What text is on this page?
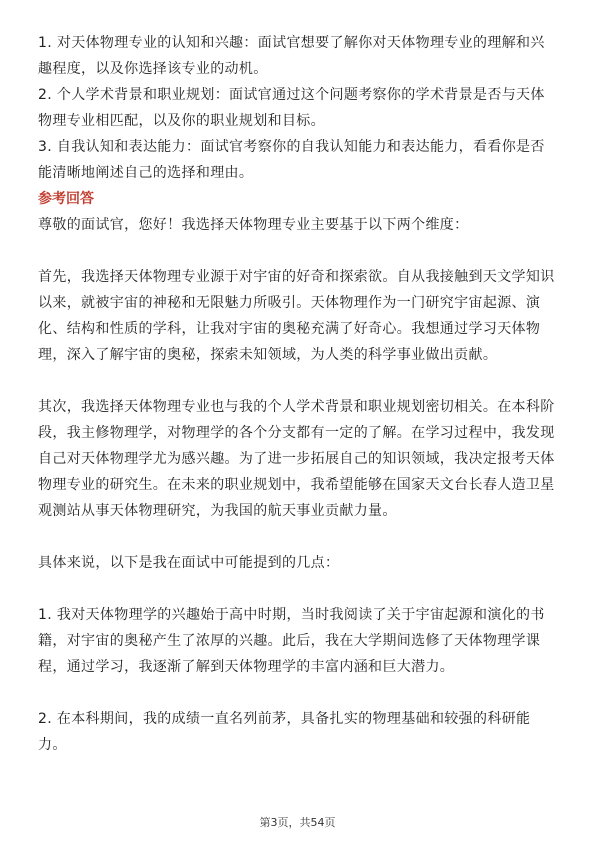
1. 对天体物理专业的认知和兴趣：面试官想要了解你对天体物理专业的理解和兴趣程度，以及你选择该专业的动机。

2. 个人学术背景和职业规划：面试官通过这个问题考察你的学术背景是否与天体物理专业相匹配，以及你的职业规划和目标。

3. 自我认知和表达能力：面试官考察你的自我认知能力和表达能力，看看你是否能清晰地阐述自己的选择和理由。

参考回答

尊敬的面试官，您好！我选择天体物理专业主要基于以下两个维度：

首先，我选择天体物理专业源于对宇宙的好奇和探索欲。自从我接触到天文学知识以来，就被宇宙的神秘和无限魅力所吸引。天体物理作为一门研究宇宙起源、演化、结构和性质的学科，让我对宇宙的奥秘充满了好奇心。我想通过学习天体物理，深入了解宇宙的奥秘，探索未知领域，为人类的科学事业做出贡献。

其次，我选择天体物理专业也与我的个人学术背景和职业规划密切相关。在本科阶段，我主修物理学，对物理学的各个分支都有一定的了解。在学习过程中，我发现自己对天体物理学尤为感兴趣。为了进一步拓展自己的知识领域，我决定报考天体物理专业的研究生。在未来的职业规划中，我希望能够在国家天文台长春人造卫星观测站从事天体物理研究，为我国的航天事业贡献力量。

具体来说，以下是我在面试中可能提到的几点：

1. 我对天体物理学的兴趣始于高中时期，当时我阅读了关于宇宙起源和演化的书籍，对宇宙的奥秘产生了浓厚的兴趣。此后，我在大学期间选修了天体物理学课程，通过学习，我逐渐了解到天体物理学的丰富内涵和巨大潜力。

2. 在本科期间，我的成绩一直名列前茅，具备扎实的物理基础和较强的科研能力。

第3页，共54页
